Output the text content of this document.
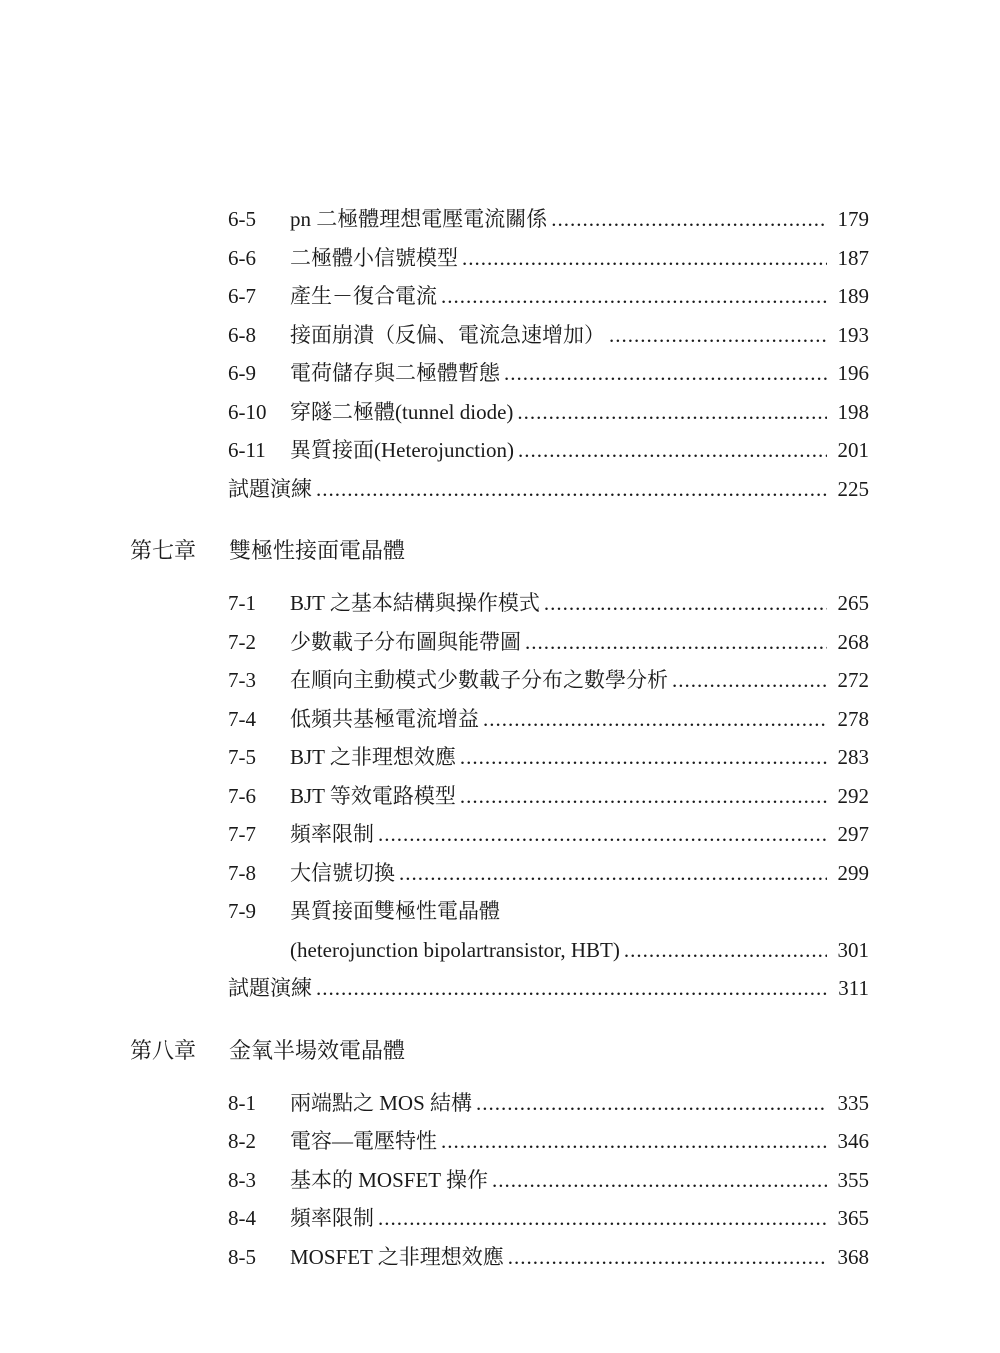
6-5 pn 二極體理想電壓電流關係 .....	179
6-6 二極體小信號模型 .....	187
6-7 產生－復合電流 .....	189
6-8 接面崩潰（反偏、電流急速增加） .....	193
6-9 電荷儲存與二極體暫態 .....	196
6-10 穿隧二極體(tunnel diode) .....	198
6-11 異質接面(Heterojunction) .....	201
試題演練 .....	225
第七章 雙極性接面電晶體
7-1 BJT 之基本結構與操作模式 .....	265
7-2 少數載子分布圖與能帶圖 .....	268
7-3 在順向主動模式少數載子分布之數學分析 .....	272
7-4 低頻共基極電流增益 .....	278
7-5 BJT 之非理想效應 .....	283
7-6 BJT 等效電路模型 .....	292
7-7 頻率限制 .....	297
7-8 大信號切換 .....	299
7-9 異質接面雙極性電晶體
(heterojunction bipolartransistor, HBT) .....	301
試題演練 .....	311
第八章 金氧半場效電晶體
8-1 兩端點之 MOS 結構 .....	335
8-2 電容—電壓特性 .....	346
8-3 基本的 MOSFET 操作 .....	355
8-4 頻率限制 .....	365
8-5 MOSFET 之非理想效應 .....	368
